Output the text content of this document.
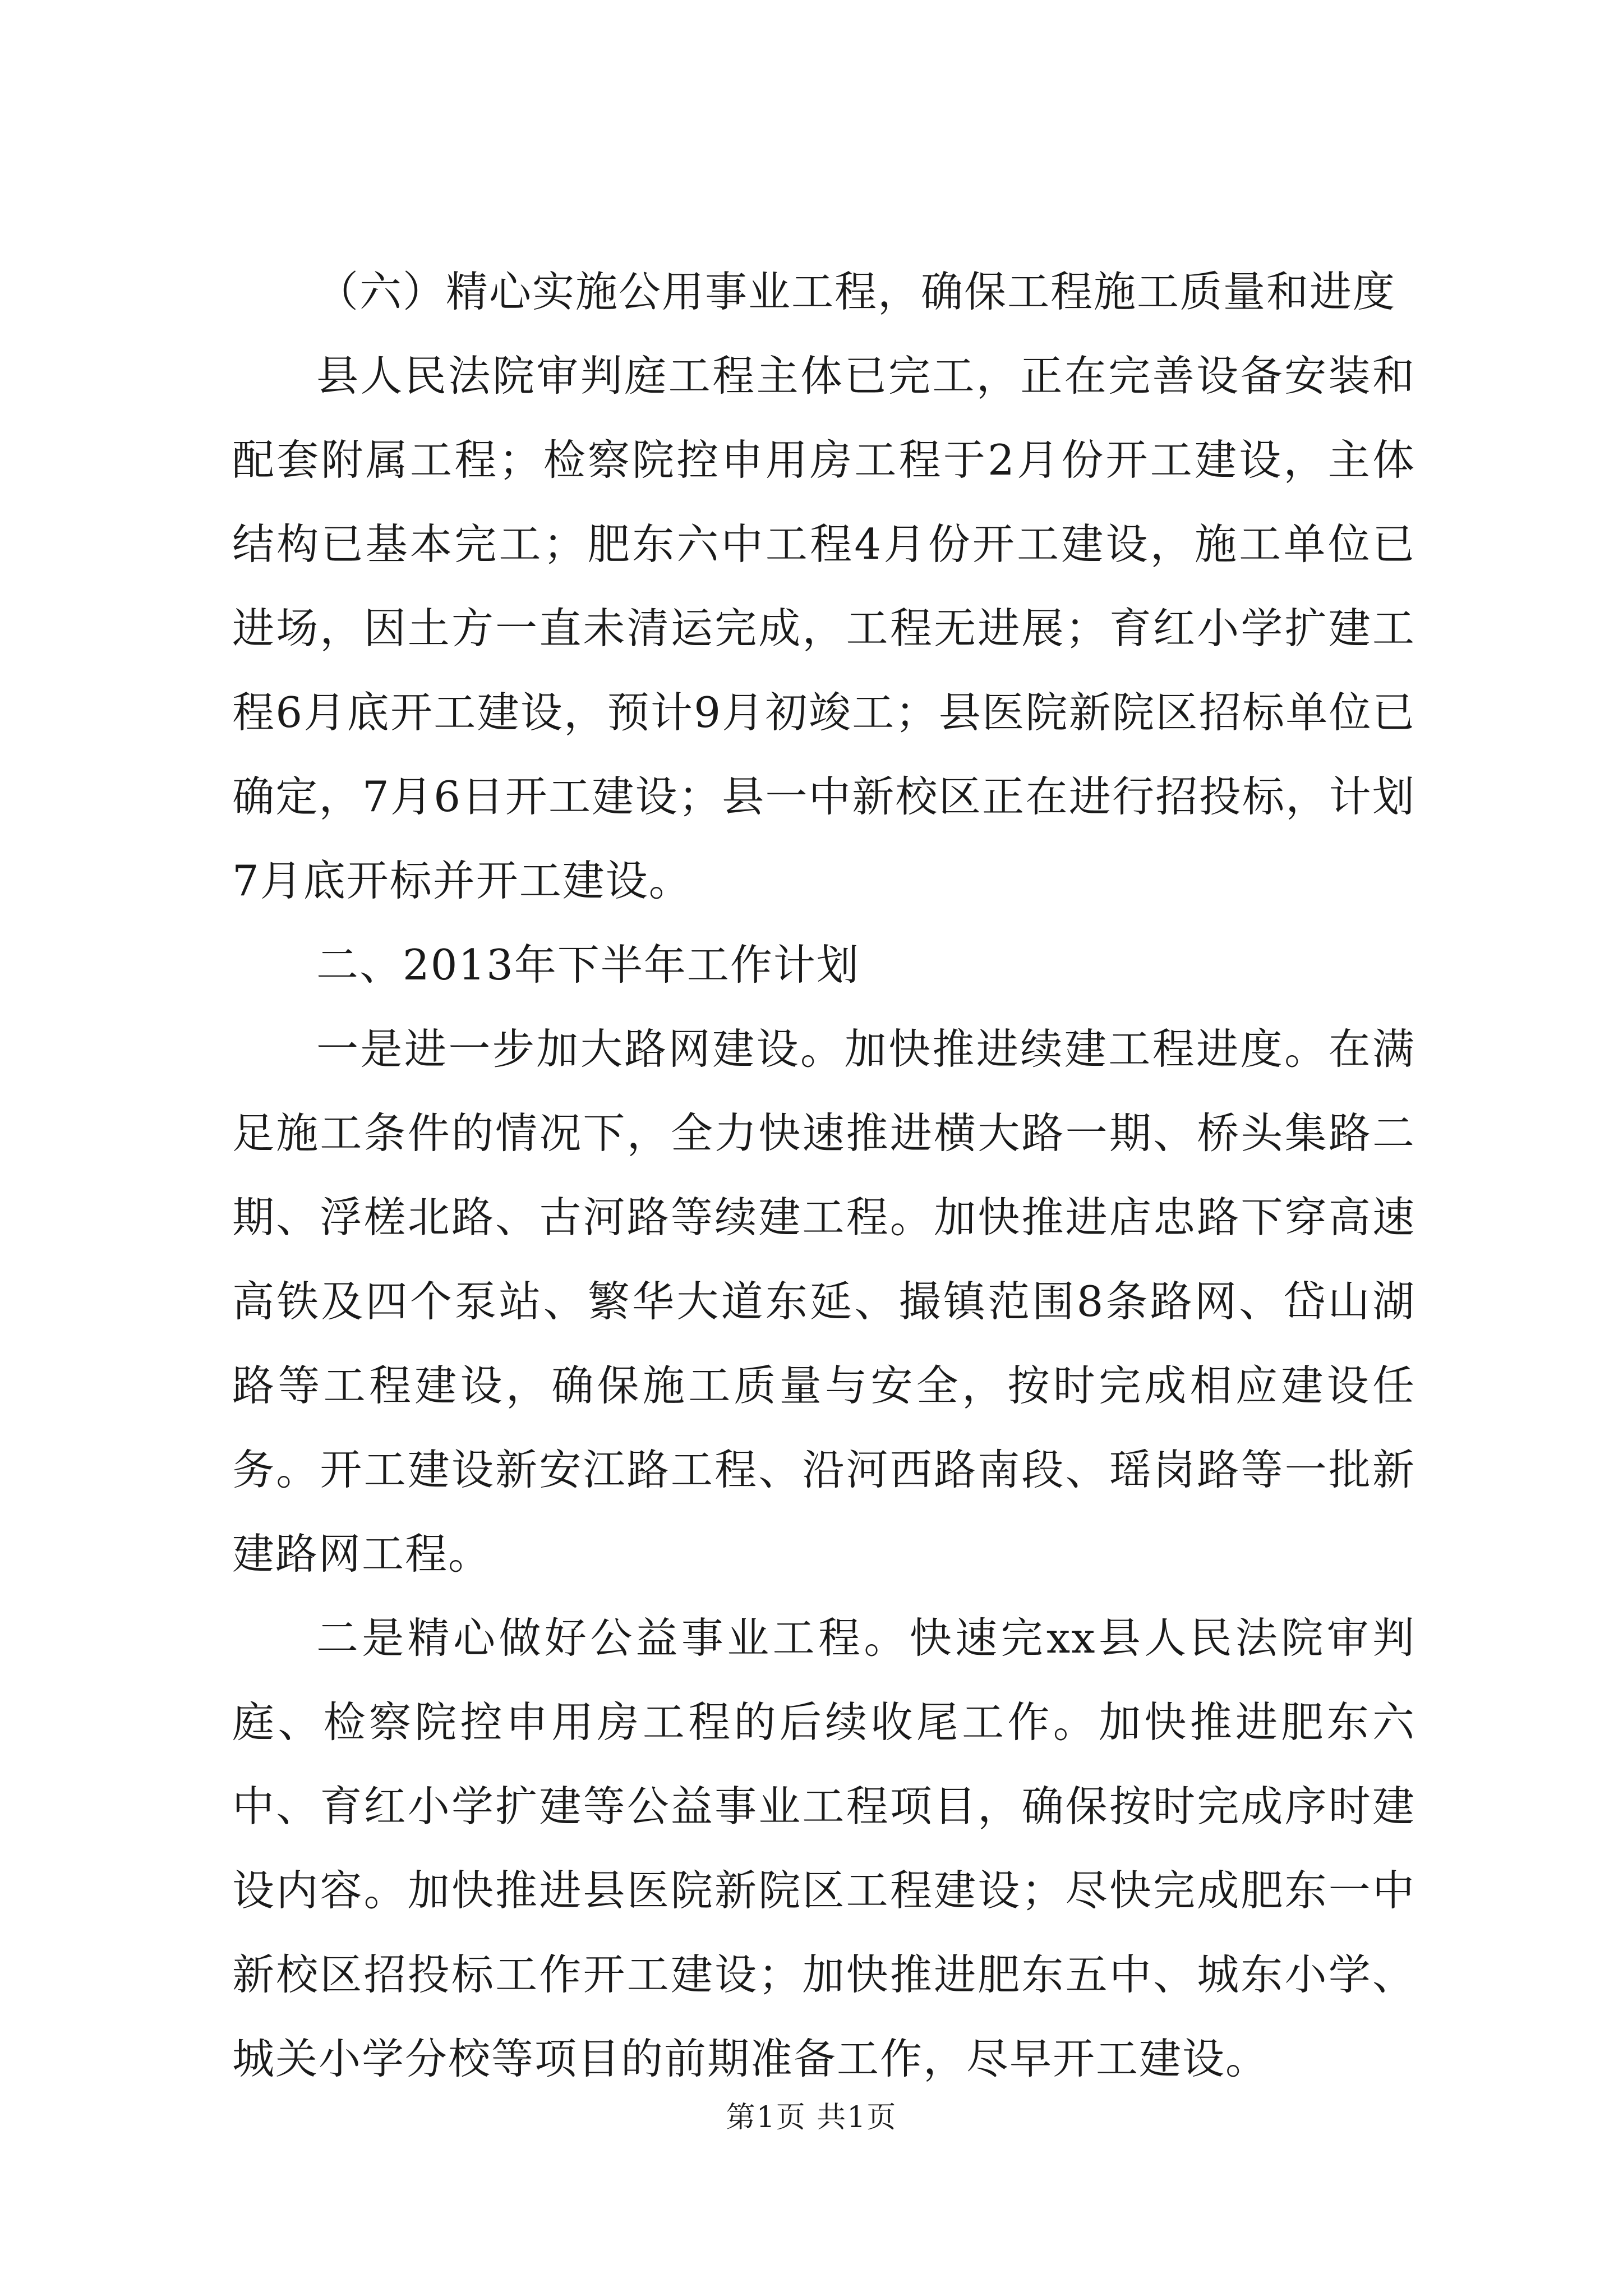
（六）精心实施公用事业工程，确保工程施工质量和进度

县人民法院审判庭工程主体已完工，正在完善设备安装和配套附属工程；检察院控申用房工程于2月份开工建设，主体结构已基本完工；肥东六中工程4月份开工建设，施工单位已进场，因土方一直未清运完成，工程无进展；育红小学扩建工程6月底开工建设，预计9月初竣工；县医院新院区招标单位已确定，7月6日开工建设；县一中新校区正在进行招投标，计划7月底开标并开工建设。

二、2013年下半年工作计划

一是进一步加大路网建设。加快推进续建工程进度。在满足施工条件的情况下，全力快速推进横大路一期、桥头集路二期、浮槎北路、古河路等续建工程。加快推进店忠路下穿高速高铁及四个泵站、繁华大道东延、撮镇范围8条路网、岱山湖路等工程建设，确保施工质量与安全，按时完成相应建设任务。开工建设新安江路工程、沿河西路南段、瑶岗路等一批新建路网工程。

二是精心做好公益事业工程。快速完xx县人民法院审判庭、检察院控申用房工程的后续收尾工作。加快推进肥东六中、育红小学扩建等公益事业工程项目，确保按时完成序时建设内容。加快推进县医院新院区工程建设；尽快完成肥东一中新校区招投标工作开工建设；加快推进肥东五中、城东小学、城关小学分校等项目的前期准备工作，尽早开工建设。

第1页 共1页
